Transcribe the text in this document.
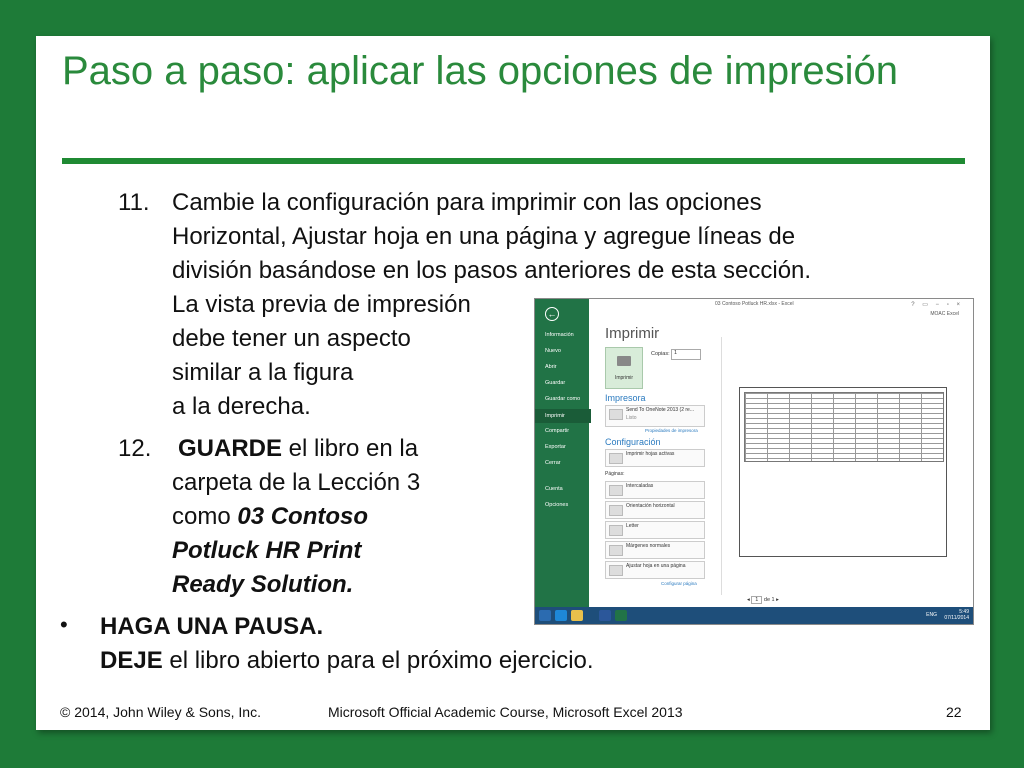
Paso a paso: aplicar las opciones de impresión
11. Cambie la configuración para imprimir con las opciones
Horizontal, Ajustar hoja en una página y agregue líneas de
división basándose en los pasos anteriores de esta sección.
La vista previa de impresión
debe tener un aspecto
similar a la figura
a la derecha.
12. GUARDE el libro en la
carpeta de la Lección 3
como 03 Contoso
Potluck HR Print
Ready Solution.
• HAGA UNA PAUSA.
DEJE el libro abierto para el próximo ejercicio.
© 2014, John Wiley & Sons, Inc.	Microsoft Official Academic Course, Microsoft Excel 2013	22
←
Información
Nuevo
Abrir
Guardar
Guardar como
Imprimir
Compartir
Exportar
Cerrar
Cuenta
Opciones
03 Contoso Potluck HR.xlsx - Excel	? ▭ − ▫ ×
MOAC Excel
Imprimir
Imprimir
Copias: 1
Impresora
Send To OneNote 2013 (2 re...
Listo
Propiedades de impresora
Configuración
Imprimir hojas activas
Páginas:
Intercaladas
Orientación horizontal
Letter
Márgenes normales
Ajustar hoja en una página
Configurar página
◂ 1 de 1 ▸
ENG	5:49
07/11/2014
